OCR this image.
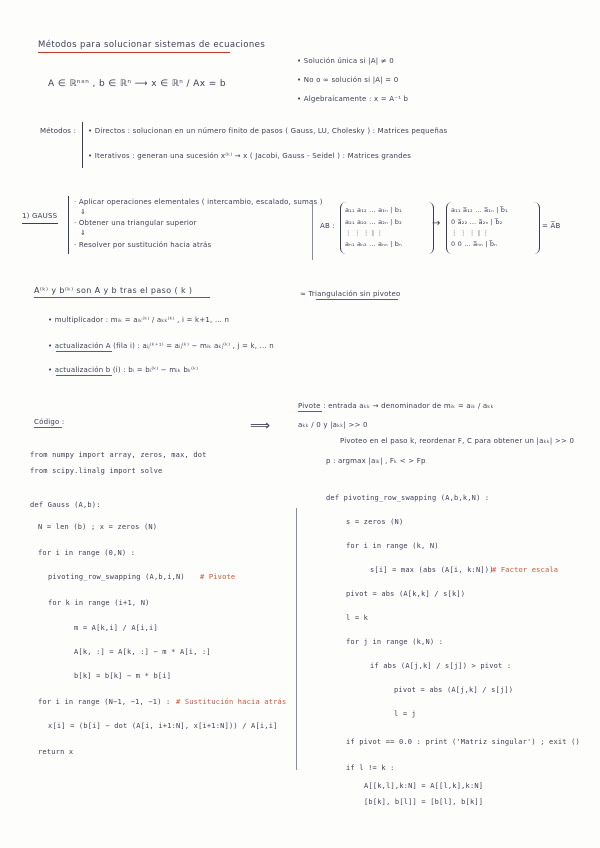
Métodos para solucionar sistemas de ecuaciones
A ∈ ℝⁿˣⁿ , b ∈ ℝⁿ ⟶ x ∈ ℝⁿ / Ax = b
• Solución única si |A| ≠ 0
• No o ∞ solución si |A| = 0
• Algebraicamente : x = A⁻¹ b
Métodos : • Directos : solucionan en un número finito de pasos ( Gauss, LU, Cholesky ) : Matrices pequeñas
• Iterativos : generan una sucesión x⁽ᵏ⁾ → x ( Jacobi, Gauss - Seidel ) : Matrices grandes
1) GAUSS
· Aplicar operaciones elementales ( intercambio, escalado, sumas )
⇓
· Obtener una triangular superior
⇓
· Resolver por sustitución hacia atrás
AB :
a₁₁ a₁₂ … a₁ₙ | b₁
a₂₁ a₂₂ … a₂ₙ | b₂
⋮ ⋮ ⋮ | ⋮
aₙ₁ aₙ₂ … aₙₙ | bₙ
→
a₁₁ a̅₁₂ … a̅₁ₙ | b̅₁
0 a̅₂₂ … a̅₂ₙ | b̅₂
⋮ ⋮ ⋮ | ⋮
0 0 … a̅ₙₙ | b̅ₙ
= A̅B
A⁽ᵏ⁾ y b⁽ᵏ⁾ son A y b tras el paso ( k )	≈ Triangulación sin pivoteo
• multiplicador : mᵢₖ = aᵢₖ⁽ᵏ⁾ / aₖₖ⁽ᵏ⁾ , i = k+1, … n
• actualización A (fila i) : aᵢⱼ⁽ᵏ⁺¹⁾ = aᵢⱼ⁽ᵏ⁾ − mᵢₖ aₖⱼ⁽ᵏ⁾ , j = k, … n
• actualización b (i) : bᵢ = bᵢ⁽ᵏ⁾ − mᵢₖ bₖ⁽ᵏ⁾
Pivote : entrada aₖₖ → denominador de mᵢₖ = aᵢₖ / aₖₖ
⟹	aₖₖ / 0 y |aₖₖ| >> 0
Pivoteo en el paso k, reordenar F, C para obtener un |aₖₖ| >> 0
p : argmax |aᵢₖ| , Fₖ < > Fp
Código :
from numpy import array, zeros, max, dot
from scipy.linalg import solve
def Gauss (A,b):
N = len (b) ; x = zeros (N)
for i in range (0,N) :
pivoting_row_swapping (A,b,i,N) # Pivote
for k in range (i+1, N)
m = A[k,i] / A[i,i]
A[k, :] = A[k, :] − m * A[i, :]
b[k] = b[k] − m * b[i]
for i in range (N−1, −1, −1) : # Sustitución hacia atrás
x[i] = (b[i] − dot (A[i, i+1:N], x[i+1:N])) / A[i,i]
return x
def pivoting_row_swapping (A,b,k,N) :
s = zeros (N)
for i in range (k, N)
s[i] = max (abs (A[i, k:N]))
# Factor escala
pivot = abs (A[k,k] / s[k])
l = k
for j in range (k,N) :
if abs (A[j,k] / s[j]) > pivot :
pivot = abs (A[j,k] / s[j])
l = j
if pivot == 0.0 : print ('Matriz singular') ; exit ()
if l != k :
A[[k,l],k:N] = A[[l,k],k:N]
[b[k], b[l]] = [b[l], b[k]]
